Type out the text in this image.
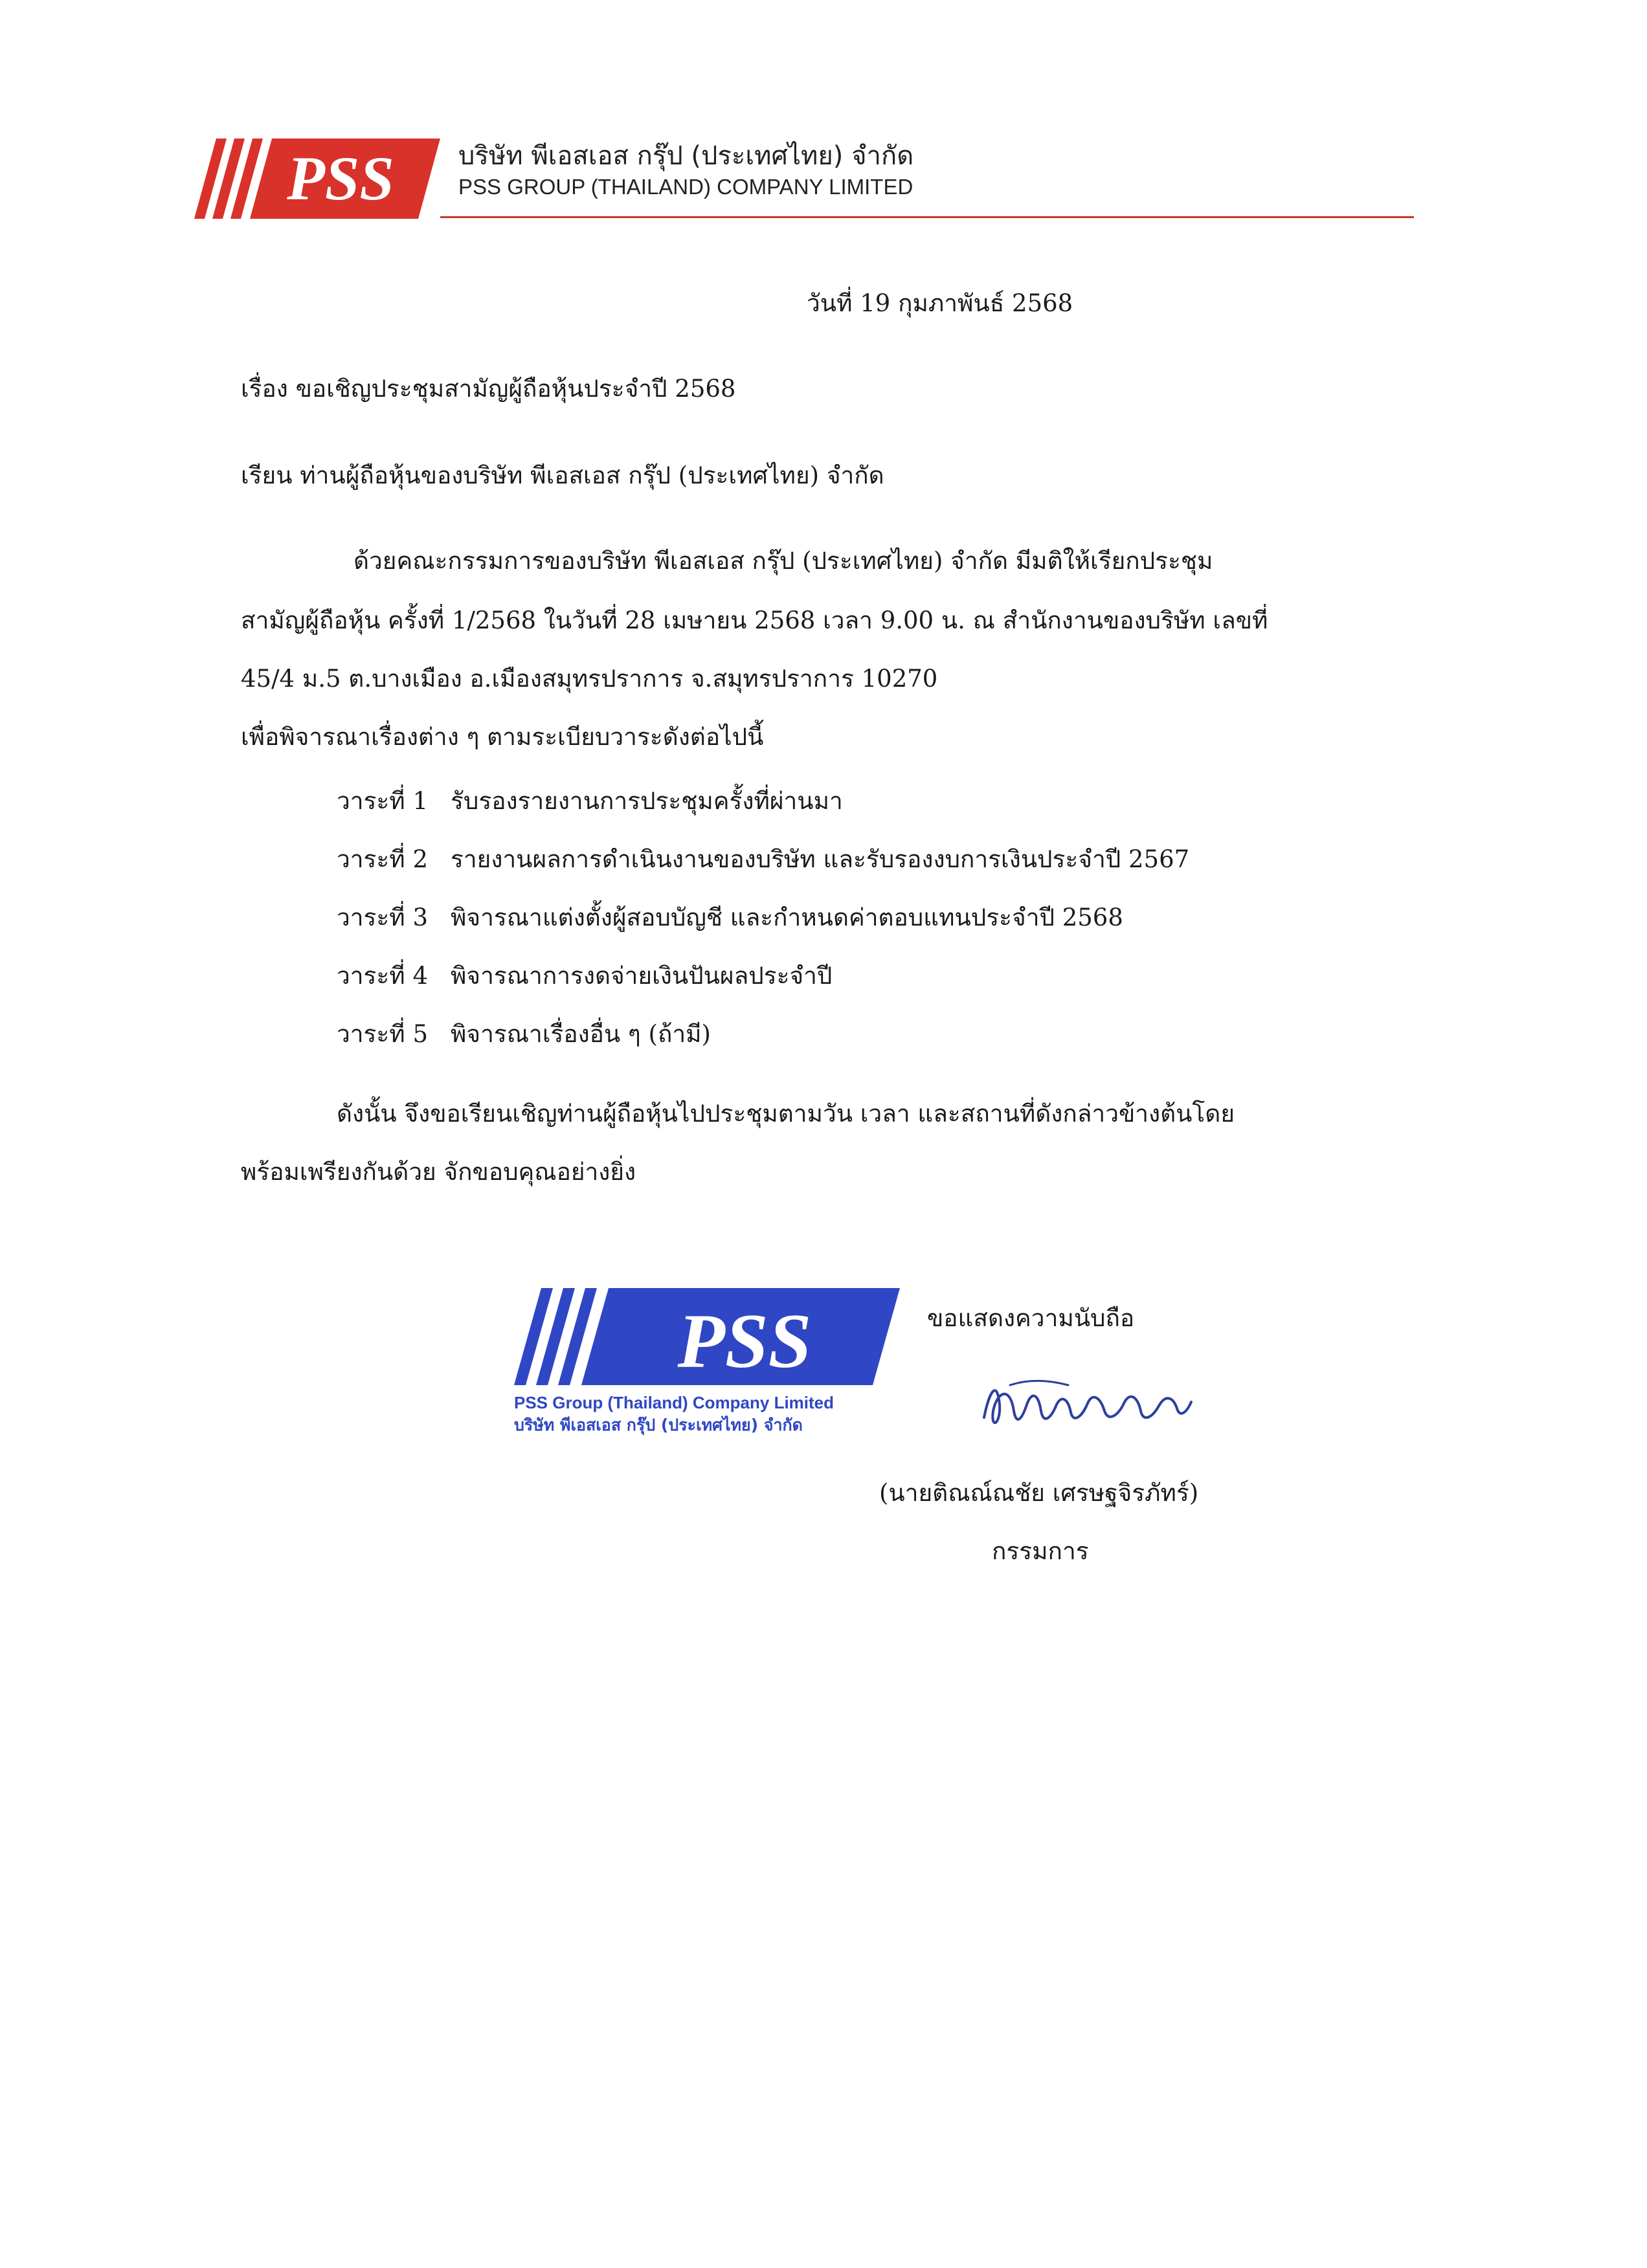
PSS บริษัท พีเอสเอส กรุ๊ป (ประเทศไทย) จำกัด
PSS GROUP (THAILAND) COMPANY LIMITED
วันที่ 19 กุมภาพันธ์ 2568
เรื่อง ขอเชิญประชุมสามัญผู้ถือหุ้นประจำปี 2568
เรียน ท่านผู้ถือหุ้นของบริษัท พีเอสเอส กรุ๊ป (ประเทศไทย) จำกัด
ด้วยคณะกรรมการของบริษัท พีเอสเอส กรุ๊ป (ประเทศไทย) จำกัด มีมติให้เรียกประชุม
สามัญผู้ถือหุ้น ครั้งที่ 1/2568 ในวันที่ 28 เมษายน 2568 เวลา 9.00 น. ณ สำนักงานของบริษัท เลขที่
45/4 ม.5 ต.บางเมือง อ.เมืองสมุทรปราการ จ.สมุทรปราการ 10270
เพื่อพิจารณาเรื่องต่าง ๆ ตามระเบียบวาระดังต่อไปนี้
วาระที่ 1 รับรองรายงานการประชุมครั้งที่ผ่านมา
วาระที่ 2 รายงานผลการดำเนินงานของบริษัท และรับรองงบการเงินประจำปี 2567
วาระที่ 3 พิจารณาแต่งตั้งผู้สอบบัญชี และกำหนดค่าตอบแทนประจำปี 2568
วาระที่ 4 พิจารณาการงดจ่ายเงินปันผลประจำปี
วาระที่ 5 พิจารณาเรื่องอื่น ๆ (ถ้ามี)
ดังนั้น จึงขอเรียนเชิญท่านผู้ถือหุ้นไปประชุมตามวัน เวลา และสถานที่ดังกล่าวข้างต้นโดย
พร้อมเพรียงกันด้วย จักขอบคุณอย่างยิ่ง
PSS
PSS Group (Thailand) Company Limited
บริษัท พีเอสเอส กรุ๊ป (ประเทศไทย) จำกัด
ขอแสดงความนับถือ
(นายติณณ์ณชัย เศรษฐจิรภัทร์)
กรรมการ
